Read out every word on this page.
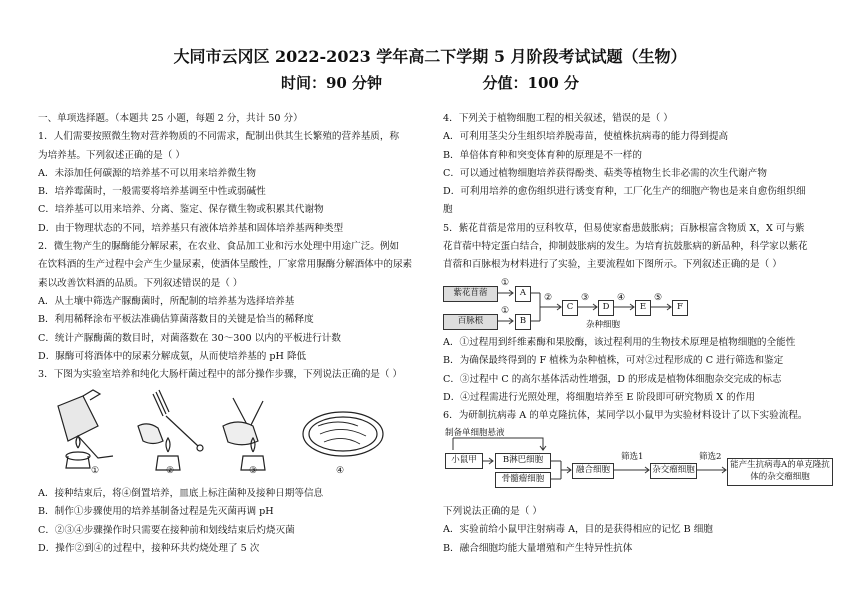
大同市云冈区 2022-2023 学年高二下学期 5 月阶段考试试题（生物）
时间：90 分钟	分值：100 分
一、单项选择题。（本题共 25 小题，每题 2 分，共计 50 分）
1．人们需要按照微生物对营养物质的不同需求，配制出供其生长繁殖的营养基质，称
为培养基。下列叙述正确的是（ ）
A．未添加任何碳源的培养基不可以用来培养微生物
B．培养霉菌时，一般需要将培养基调至中性或弱碱性
C．培养基可以用来培养、分离、鉴定、保存微生物或积累其代谢物
D．由于物理状态的不同，培养基只有液体培养基和固体培养基两种类型
2．微生物产生的脲酶能分解尿素，在农业、食品加工业和污水处理中用途广泛。例如
在饮料酒的生产过程中会产生少量尿素，使酒体呈酸性，厂家常用脲酶分解酒体中的尿素
素以改善饮料酒的品质。下列叙述错误的是（ ）
A．从土壤中筛选产脲酶菌时，所配制的培养基为选择培养基
B．利用稀释涂布平板法准确估算菌落数目的关键是恰当的稀释度
C．统计产脲酶菌的数目时，对菌落数在 30～300 以内的平板进行计数
D．脲酶可将酒体中的尿素分解成氨，从而使培养基的 pH 降低
3．下图为实验室培养和纯化大肠杆菌过程中的部分操作步骤，下列说法正确的是（ ）
①	②	③	④
A．接种结束后，将④倒置培养，皿底上标注菌种及接种日期等信息
B．制作①步骤使用的培养基制备过程是先灭菌再调 pH
C．②③④步骤操作时只需要在接种前和划线结束后灼烧灭菌
D．操作②到④的过程中，接种环共灼烧处理了 5 次
4．下列关于植物细胞工程的相关叙述，错误的是（ ）
A．可利用茎尖分生组织培养脱毒苗，使植株抗病毒的能力得到提高
B．单倍体育种和突变体育种的原理是不一样的
C．可以通过植物细胞培养获得酚类、萜类等植物生长非必需的次生代谢产物
D．可利用培养的愈伤组织进行诱变育种，工厂化生产的细胞产物也是来自愈伤组织细
胞
5．紫花苜蓿是常用的豆科牧草，但易使家畜患鼓胀病；百脉根富含物质 X，X 可与紫
花苜蓿中特定蛋白结合，抑制鼓胀病的发生。为培育抗鼓胀病的新品种，科学家以紫花
苜蓿和百脉根为材料进行了实验，主要流程如下图所示。下列叙述正确的是（ ）
紫花苜蓿
百脉根
①
①
A
B
②
C
③
D
④
E
⑤
F
杂种细胞
A．①过程用到纤维素酶和果胶酶，该过程利用的生物技术原理是植物细胞的全能性
B．为确保最终得到的 F 植株为杂种植株，可对②过程形成的 C 进行筛选和鉴定
C．③过程中 C 的高尔基体活动性增强，D 的形成是植物体细胞杂交完成的标志
D．④过程需进行光照处理，将细胞培养至 E 阶段即可研究物质 X 的作用
6．为研制抗病毒 A 的单克隆抗体，某同学以小鼠甲为实验材料设计了以下实验流程。
制备单细胞悬液
小鼠甲	B淋巴细胞
骨髓瘤细胞
融合细胞
筛选1
杂交瘤细胞
筛选2
能产生抗病毒A的单克隆抗体的杂交瘤细胞
下列说法正确的是（ ）
A．实验前给小鼠甲注射病毒 A，目的是获得相应的记忆 B 细胞
B．融合细胞均能大量增殖和产生特异性抗体
